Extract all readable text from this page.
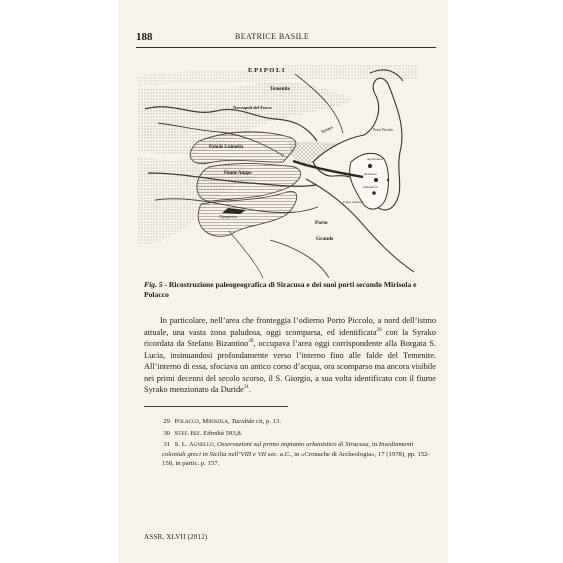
188	BEATRICE BASILE
E P I P O L I
Temenite
Necropoli del Fusco
Palude Lisimelia
Fiume Anapo
Syraco	Porto Piccolo
Apollonion
Arethusa
Athenaion
Fonte Aretusa
Porto
Grande
Olympieion
Fig. 5 - Ricostruzione paleogeografica di Siracusa e dei suoi porti secondo Mirisola e Polacco

In particolare, nell’area che fronteggia l’odierno Porto Piccolo, a nord dell’istmo attuale, una vasta zona paludosa, oggi scomparsa, ed identificata$^{29}$ con la Syrako ricordata da Stefano Bizantino$^{30}$, occupava l’area oggi corrispondente alla Borgata S. Lucia, insinuandosi profondamente verso l’interno fino alle falde del Temenite. All’interno di essa, sfociava un antico corso d’acqua, ora scomparso ma ancora visibile nei primi decenni del secolo scorso, il S. Giorgio, a sua volta identificato con il fiume Syrako menzionato da Duride$^{31}$.

29 Polacco, Mirisola, Tucidide cit, p. 13.

30 Stef. Biz. Ethnikà 593,8.

31 S. L. Agnello, Osservazioni sul primo impianto urbanistico di Siracusa, in Insediamenti coloniali greci in Sicilia nell’VIII e VII sec. a.C., in «Cronache di Archeologia», 17 (1978), pp. 152-158, in partic. p. 157.

ASSR, XLVII (2012)
